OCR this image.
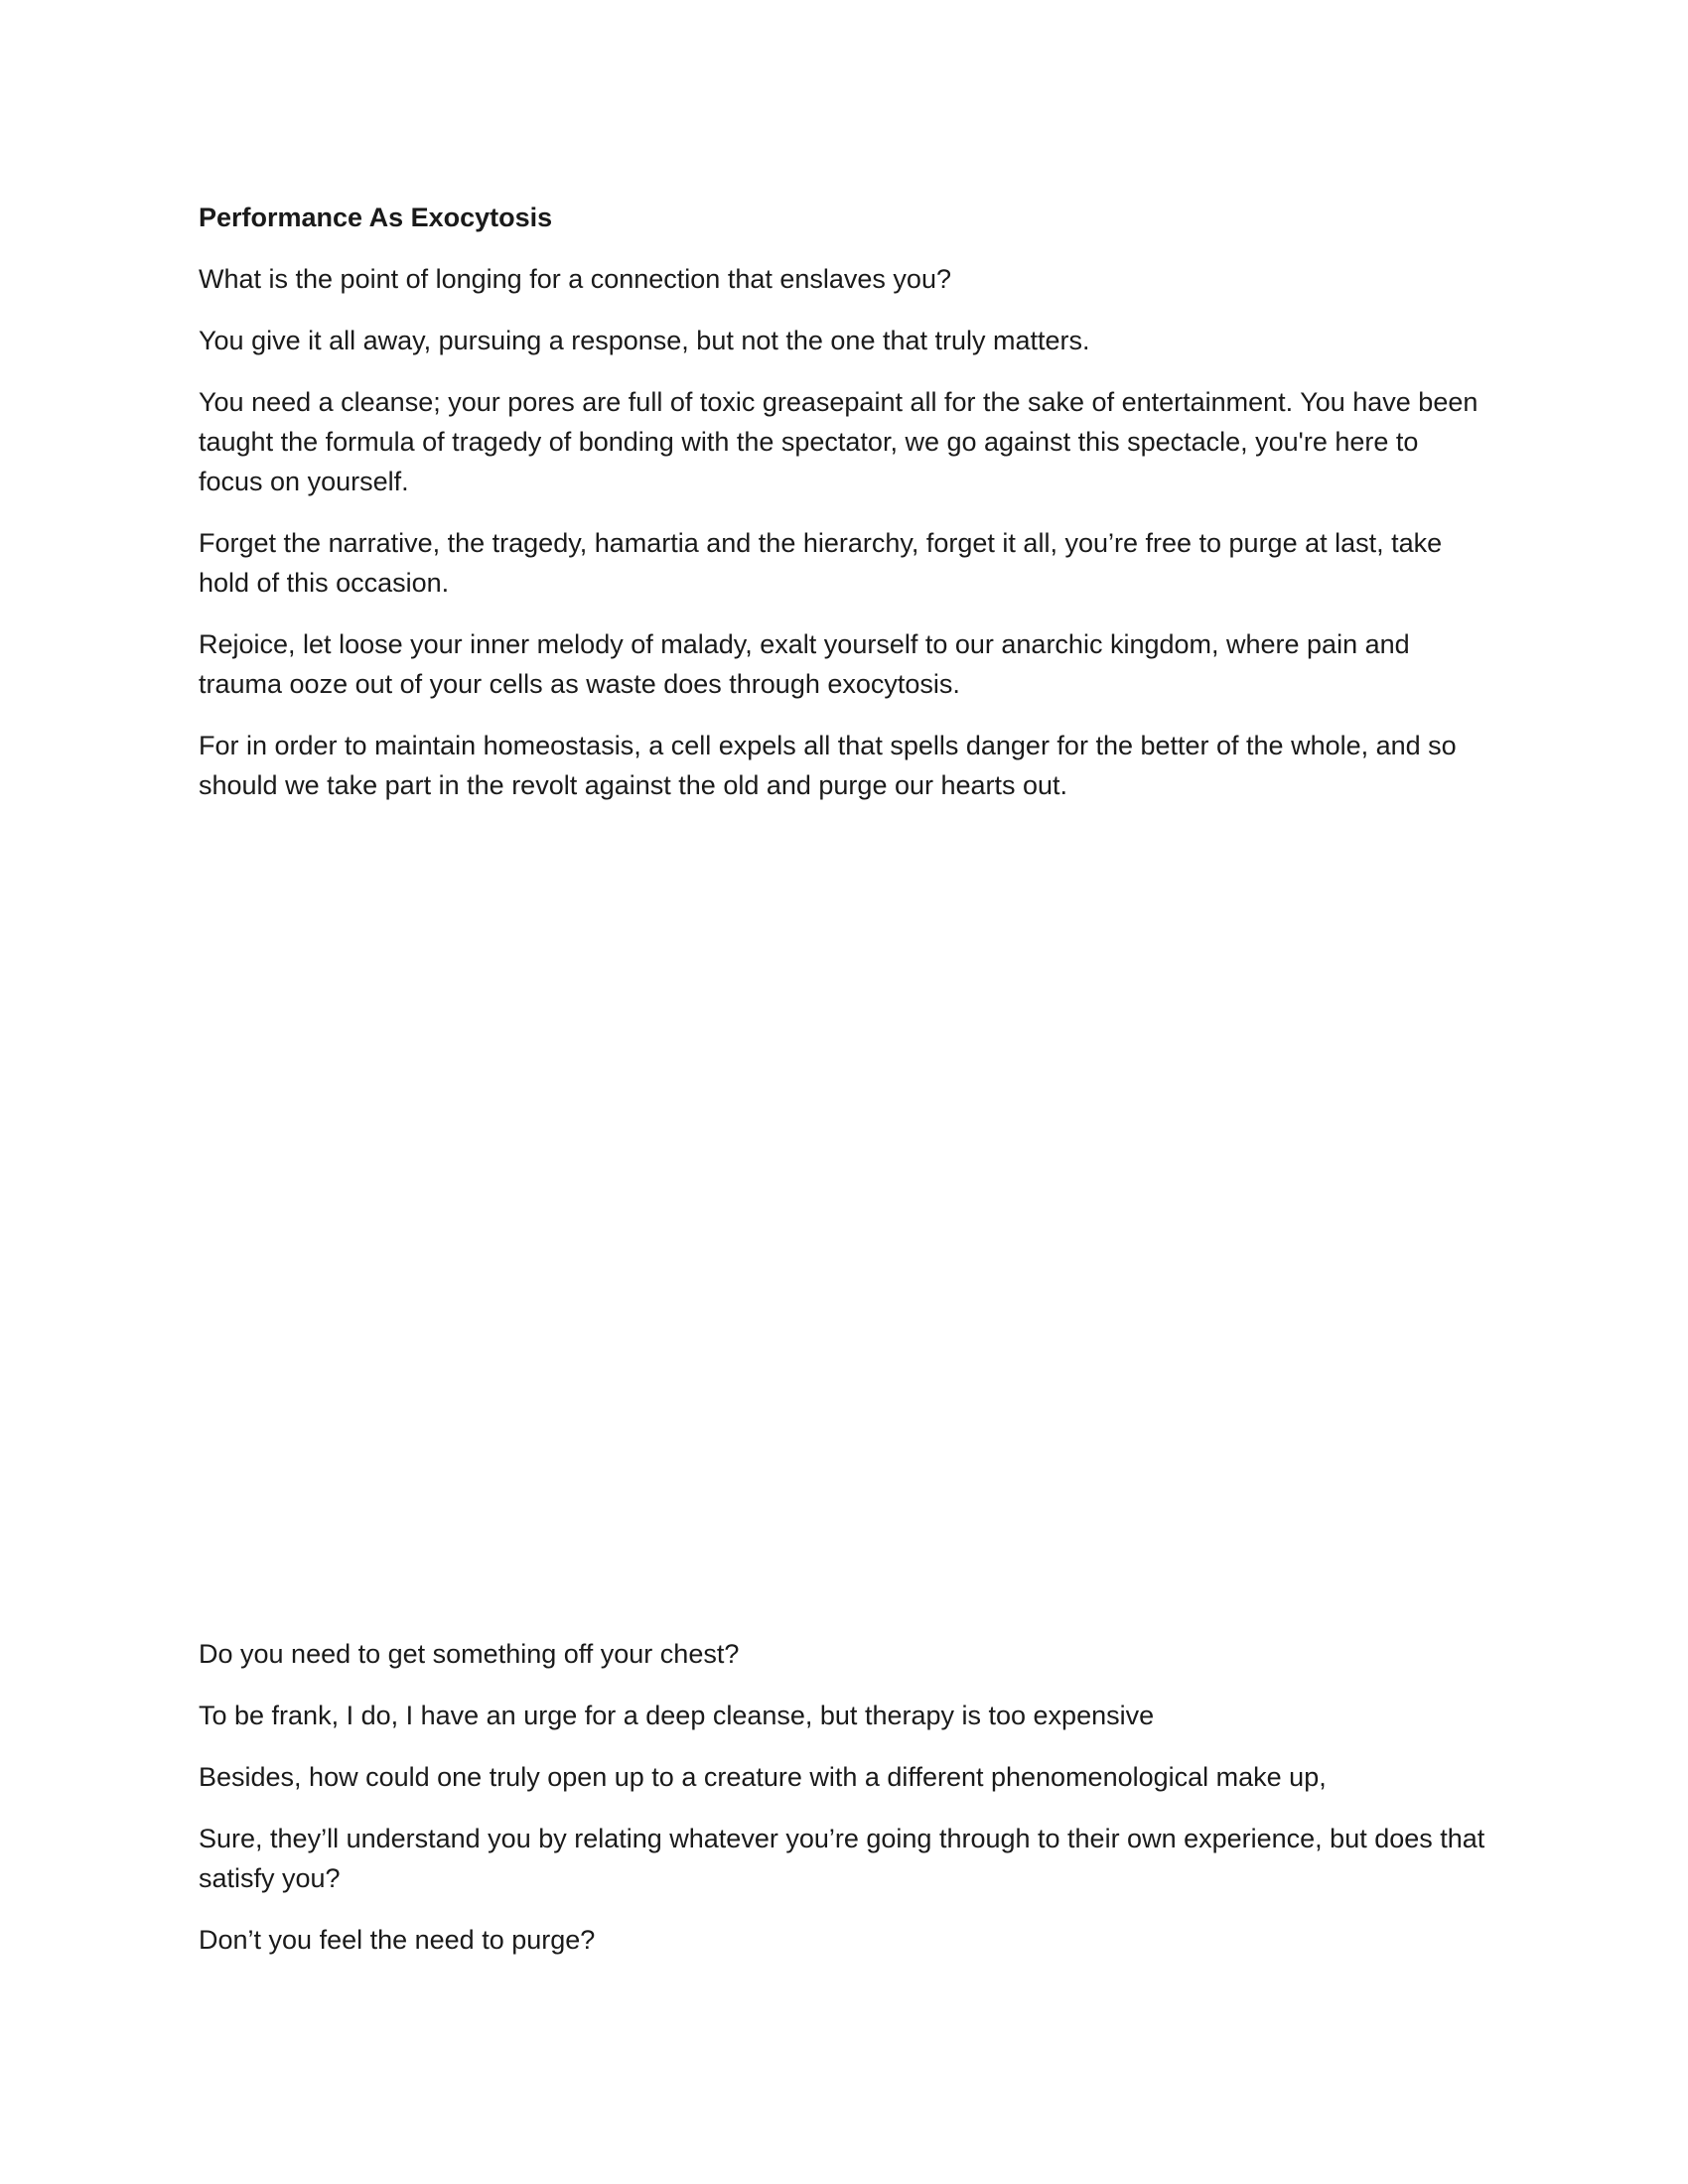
Performance As Exocytosis

What is the point of longing for a connection that enslaves you?

You give it all away, pursuing a response, but not the one that truly matters.

You need a cleanse; your pores are full of toxic greasepaint all for the sake of entertainment. You have been taught the formula of tragedy of bonding with the spectator, we go against this spectacle, you're here to focus on yourself.

Forget the narrative, the tragedy, hamartia and the hierarchy, forget it all, you’re free to purge at last, take hold of this occasion.

Rejoice, let loose your inner melody of malady, exalt yourself to our anarchic kingdom, where pain and trauma ooze out of your cells as waste does through exocytosis.

For in order to maintain homeostasis, a cell expels all that spells danger for the better of the whole, and so should we take part in the revolt against the old and purge our hearts out.

Do you need to get something off your chest?

To be frank, I do, I have an urge for a deep cleanse, but therapy is too expensive

Besides, how could one truly open up to a creature with a different phenomenological make up,

Sure, they’ll understand you by relating whatever you’re going through to their own experience, but does that satisfy you?

Don’t you feel the need to purge?
